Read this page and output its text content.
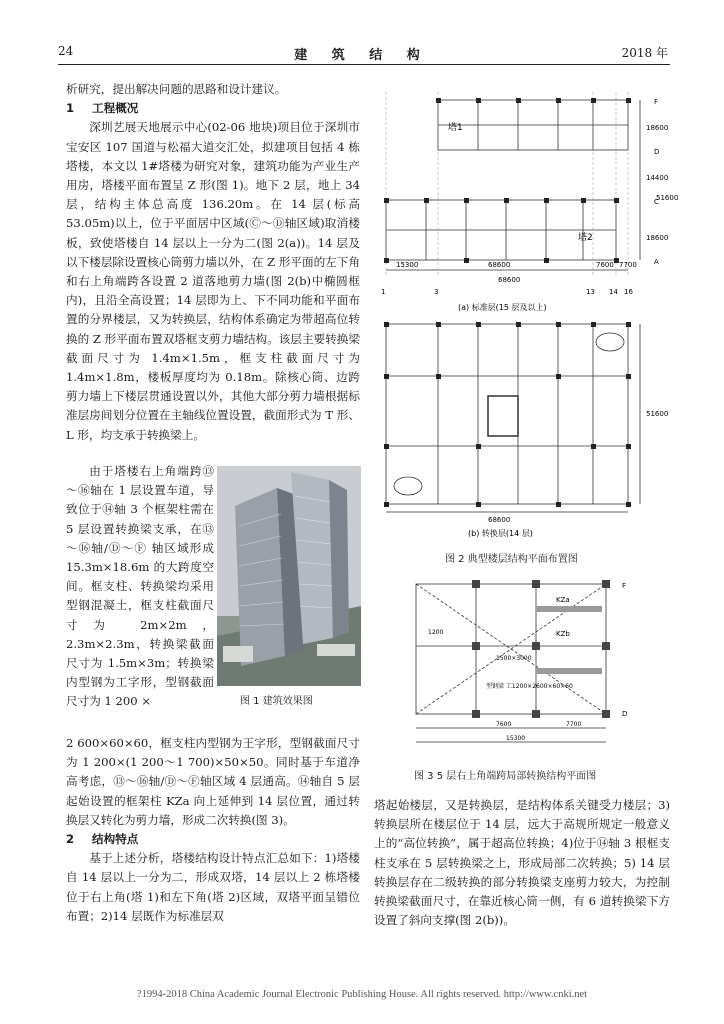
24	建 筑 结 构	2018 年

析研究，提出解决问题的思路和设计建议。

1 工程概况

深圳艺展天地展示中心(02-06 地块)项目位于深圳市宝安区 107 国道与松福大道交汇处，拟建项目包括 4 栋塔楼，本文以 1#塔楼为研究对象，建筑功能为产业生产用房，塔楼平面布置呈 Z 形(图 1)。地下 2 层，地上 34 层，结构主体总高度 136.20m。在 14 层(标高 53.05m)以上，位于平面居中区域(Ⓒ～Ⓓ轴区域)取消楼板，致使塔楼自 14 层以上一分为二(图 2(a))。14 层及以下楼层除设置核心筒剪力墙以外，在 Z 形平面的左下角和右上角端跨各设置 2 道落地剪力墙(图 2(b)中椭圆框内)，且沿全高设置；14 层即为上、下不同功能和平面布置的分界楼层，又为转换层，结构体系确定为带超高位转换的 Z 形平面布置双塔框支剪力墙结构。该层主要转换梁截面尺寸为 1.4m×1.5m，框支柱截面尺寸为 1.4m×1.8m，楼板厚度均为 0.18m。除核心筒、边跨剪力墙上下楼层贯通设置以外，其他大部分剪力墙根据标准层房间划分位置在主轴线位置设置，截面形式为 T 形、L 形，均支承于转换梁上。

由于塔楼右上角端跨⑬～⑯轴在 1 层设置车道，导致位于⑭轴 3 个框架柱需在 5 层设置转换梁支承，在⑬～⑯轴/Ⓓ～Ⓕ 轴区域形成 15.3m×18.6m 的大跨度空间。框支柱、转换梁均采用型钢混凝土，框支柱截面尺寸为 2m×2m，2.3m×2.3m，转换梁截面尺寸为 1.5m×3m；转换梁内型钢为工字形，型钢截面尺寸为 1 200 ×	图 1 建筑效果图

2 600×60×60，框支柱内型钢为王字形，型钢截面尺寸为 1 200×(1 200～1 700)×50×50。同时基于车道净高考虑，⑬～⑯轴/Ⓓ～Ⓕ轴区域 4 层通高。⑭轴自 5 层起始设置的框架柱 KZa 向上延伸到 14 层位置，通过转换层又转化为剪力墙，形成二次转换(图 3)。

2 结构特点

基于上述分析，塔楼结构设计特点汇总如下：1)塔楼自 14 层以上一分为二，形成双塔，14 层以上 2 栋塔楼位于右上角(塔 1)和左下角(塔 2)区域，双塔平面呈错位布置；2)14 层既作为标准层双

塔1
塔2
15300	68600	7600 7700
68600
18600
14400
18600
51600
1	3	13 14 16
F
D
C
A
(a) 标准层(15 层及以上)
68600
51600
(b) 转换层(14 层)
图 2 典型楼层结构平面布置图
KZa
KZb
1500×3000
型钢梁 工1200×2600×60×60
1200
7600	7700
15300
F
D
图 3 5 层右上角端跨局部转换结构平面图

塔起始楼层，又是转换层，是结构体系关键受力楼层；3)转换层所在楼层位于 14 层，远大于高规所规定一般意义上的“高位转换”，属于超高位转换；4)位于⑭轴 3 根框支柱支承在 5 层转换梁之上，形成局部二次转换；5) 14 层转换层存在二级转换的部分转换梁支座剪力较大，为控制转换梁截面尺寸，在靠近核心筒一侧，有 6 道转换梁下方设置了斜向支撑(图 2(b))。

?1994-2018 China Academic Journal Electronic Publishing House. All rights reserved. http://www.cnki.net
